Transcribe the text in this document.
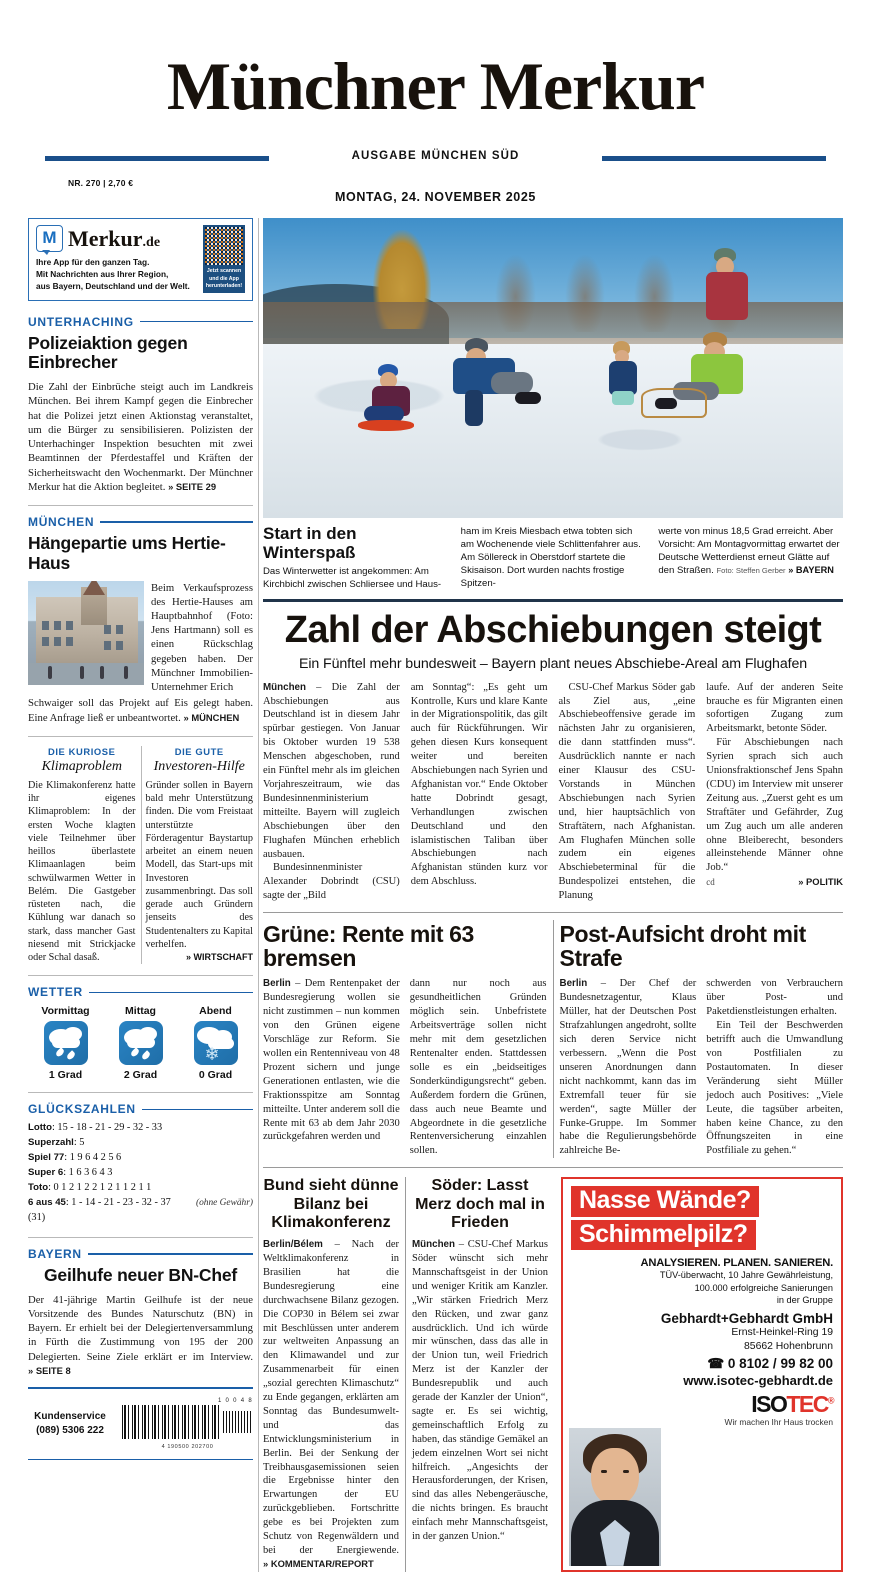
Münchner Merkur
AUSGABE MÜNCHEN SÜD
NR. 270 | 2,70 €
MONTAG, 24. NOVEMBER 2025
M
Merkur.de
Ihre App für den ganzen Tag.
Mit Nachrichten aus Ihrer Region,
aus Bayern, Deutschland und der Welt.
Jetzt scannen und die App herunterladen!
UNTERHACHING
Polizeiaktion gegen Einbrecher
Die Zahl der Einbrüche steigt auch im Landkreis München. Bei ihrem Kampf gegen die Einbrecher hat die Polizei jetzt einen Aktionstag veranstaltet, um die Bürger zu sensibilisieren. Polizisten der Unterhachinger Inspektion besuchten mit zwei Beamtinnen der Pferdestaffel und Kräften der Sicherheitswacht den Wochenmarkt. Der Münchner Merkur hat die Aktion begleitet. » SEITE 29
MÜNCHEN
Hängepartie ums Hertie-Haus
Beim Verkaufsprozess des Hertie-Hauses am Hauptbahnhof (Foto: Jens Hartmann) soll es einen Rückschlag gegeben haben. Der Münchner Immobilien-Unternehmer Erich
Schwaiger soll das Projekt auf Eis gelegt haben. Eine Anfrage ließ er unbeantwortet. » MÜNCHEN
DIE KURIOSE
Klimaproblem
Die Klimakonferenz hatte ihr eigenes Klimaproblem: In der ersten Woche klagten viele Teilnehmer über heillos überlastete Klimaanlagen beim schwülwarmen Wetter in Belém. Die Gastgeber rüsteten nach, die Kühlung war danach so stark, dass mancher Gast niesend mit Strickjacke oder Schal dasaß.
DIE GUTE
Investoren-Hilfe
Gründer sollen in Bayern bald mehr Unterstützung finden. Die vom Freistaat unterstützte Förderagentur Baystartup arbeitet an einem neuen Modell, das Start-ups mit Investoren zusammenbringt. Das soll gerade auch Gründern jenseits des Studentenalters zu Kapital verhelfen.
» WIRTSCHAFT
WETTER
Vormittag
1 Grad
Mittag
2 Grad
Abend
❄
0 Grad
GLÜCKSZAHLEN
Lotto: 15 - 18 - 21 - 29 - 32 - 33
Superzahl: 5
Spiel 77: 1 9 6 4 2 5 6
Super 6: 1 6 3 6 4 3
Toto: 0 1 2 1 2 2 1 2 1 1 2 1 1
6 aus 45: 1 - 14 - 21 - 23 - 32 - 37 (31)
(ohne Gewähr)
BAYERN
Geilhufe neuer BN-Chef
Der 41-jährige Martin Geilhufe ist der neue Vorsitzende des Bundes Naturschutz (BN) in Bayern. Er erhielt bei der Delegiertenversammlung in Fürth die Zustimmung von 195 der 200 Delegierten. Seine Ziele erklärt er im Interview. » SEITE 8
Kundenservice
(089) 5306 222
1 0 0 4 8
4 190500 202700
Start in den Winterspaß
Das Winterwetter ist angekommen: Am Kirchbichl zwischen Schliersee und Haus-
ham im Kreis Miesbach etwa tobten sich am Wochenende viele Schlittenfahrer aus. Am Söllereck in Oberstdorf startete die Skisaison. Dort wurden nachts frostige Spitzen-
werte von minus 18,5 Grad erreicht. Aber Vorsicht: Am Montagvormittag erwartet der Deutsche Wetterdienst erneut Glätte auf den Straßen. Foto: Steffen Gerber » BAYERN
Zahl der Abschiebungen steigt
Ein Fünftel mehr bundesweit – Bayern plant neues Abschiebe-Areal am Flughafen

München – Die Zahl der Abschiebungen aus Deutschland ist in diesem Jahr spürbar gestiegen. Von Januar bis Oktober wurden 19 538 Menschen abgeschoben, rund ein Fünftel mehr als im gleichen Vorjahreszeitraum, wie das Bundesinnenministerium mitteilte. Bayern will zugleich Abschiebungen über den Flughafen München erheblich ausbauen.

Bundesinnenminister Alexander Dobrindt (CSU) sagte der „Bild

am Sonntag“: „Es geht um Kontrolle, Kurs und klare Kante in der Migrationspolitik, das gilt auch für Rückführungen. Wir gehen diesen Kurs konsequent weiter und bereiten Abschiebungen nach Syrien und Afghanistan vor.“ Ende Oktober hatte Dobrindt gesagt, Verhandlungen zwischen Deutschland und den islamistischen Taliban über Abschiebungen nach Afghanistan stünden kurz vor dem Abschluss.

CSU-Chef Markus Söder gab als Ziel aus, „eine Abschiebeoffensive gerade im nächsten Jahr zu organisieren, die dann stattfinden muss“. Ausdrücklich nannte er nach einer Klausur des CSU-Vorstands in München Abschiebungen nach Syrien und, hier hauptsächlich von Straftätern, nach Afghanistan. Am Flughafen München solle zudem ein eigenes Abschiebeterminal für die Bundespolizei entstehen, die Planung

laufe. Auf der anderen Seite brauche es für Migranten einen sofortigen Zugang zum Arbeitsmarkt, betonte Söder.

Für Abschiebungen nach Syrien sprach sich auch Unionsfraktionschef Jens Spahn (CDU) im Interview mit unserer Zeitung aus. „Zuerst geht es um Straftäter und Gefährder, Zug um Zug auch um alle anderen ohne Bleiberecht, besonders alleinstehende Männer ohne Job.“

cd	» POLITIK
Grüne: Rente mit 63 bremsen

Berlin – Dem Rentenpaket der Bundesregierung wollen sie nicht zustimmen – nun kommen von den Grünen eigene Vorschläge zur Reform. Sie wollen ein Rentenniveau von 48 Prozent sichern und junge Generationen entlasten, wie die Fraktionsspitze am Sonntag mitteilte. Unter anderem soll die Rente mit 63 ab dem Jahr 2030 zurückgefahren werden und

dann nur noch aus gesundheitlichen Gründen möglich sein. Unbefristete Arbeitsverträge sollen nicht mehr mit dem gesetzlichen Rentenalter enden. Stattdessen solle es ein „beidseitiges Sonderkündigungsrecht“ geben. Außerdem fordern die Grünen, dass auch neue Beamte und Abgeordnete in die gesetzliche Rentenversicherung einzahlen sollen.

Post-Aufsicht droht mit Strafe

Berlin – Der Chef der Bundesnetzagentur, Klaus Müller, hat der Deutschen Post Strafzahlungen angedroht, sollte sich deren Service nicht verbessern. „Wenn die Post unseren Anordnungen dann nicht nachkommt, kann das im Extremfall teuer für sie werden“, sagte Müller der Funke-Gruppe. Im Sommer habe die Regulierungsbehörde zahlreiche Be-

schwerden von Verbrauchern über Post- und Paketdienstleistungen erhalten.

Ein Teil der Beschwerden betrifft auch die Umwandlung von Postfilialen zu Postautomaten. In dieser Veränderung sieht Müller jedoch auch Positives: „Viele Leute, die tagsüber arbeiten, haben keine Chance, zu den Öffnungszeiten in eine Postfiliale zu gehen.“

Bund sieht dünne Bilanz bei Klimakonferenz

Berlin/Bélem – Nach der Weltklimakonferenz in Brasilien hat die Bundesregierung eine durchwachsene Bilanz gezogen. Die COP30 in Bélem sei zwar mit Beschlüssen unter anderem zur weltweiten Anpassung an den Klimawandel und zur Zusammenarbeit für einen „sozial gerechten Klimaschutz“ zu Ende gegangen, erklärten am Sonntag das Bundesumwelt- und das Entwicklungsministerium in Berlin. Bei der Senkung der Treibhausgasemissionen seien die Ergebnisse hinter den Erwartungen der EU zurückgeblieben. Fortschritte gebe es bei Projekten zum Schutz von Regenwäldern und bei der Energiewende. » KOMMENTAR/REPORT

Söder: Lasst Merz doch mal in Frieden

München – CSU-Chef Markus Söder wünscht sich mehr Mannschaftsgeist in der Union und weniger Kritik am Kanzler. „Wir stärken Friedrich Merz den Rücken, und zwar ganz ausdrücklich. Und ich würde mir wünschen, dass das alle in der Union tun, weil Friedrich Merz ist der Kanzler der Bundesrepublik und auch gerade der Kanzler der Union“, sagte er. Es sei wichtig, gemeinschaftlich Erfolg zu haben, das ständige Gemäkel an jedem einzelnen Wort sei nicht hilfreich. „Angesichts der Herausforderungen, der Krisen, sind das alles Nebengeräusche, die nichts bringen. Es braucht einfach mehr Mannschaftsgeist, in der ganzen Union.“

Nasse Wände?
Schimmelpilz?
ANALYSIEREN. PLANEN. SANIEREN.
TÜV-überwacht, 10 Jahre Gewährleistung,
100.000 erfolgreiche Sanierungen
in der Gruppe
Gebhardt+Gebhardt GmbH
Ernst-Heinkel-Ring 19
85662 Hohenbrunn
☎ 0 8102 / 99 82 00
www.isotec-gebhardt.de
ISOTEC®
Wir machen Ihr Haus trocken
